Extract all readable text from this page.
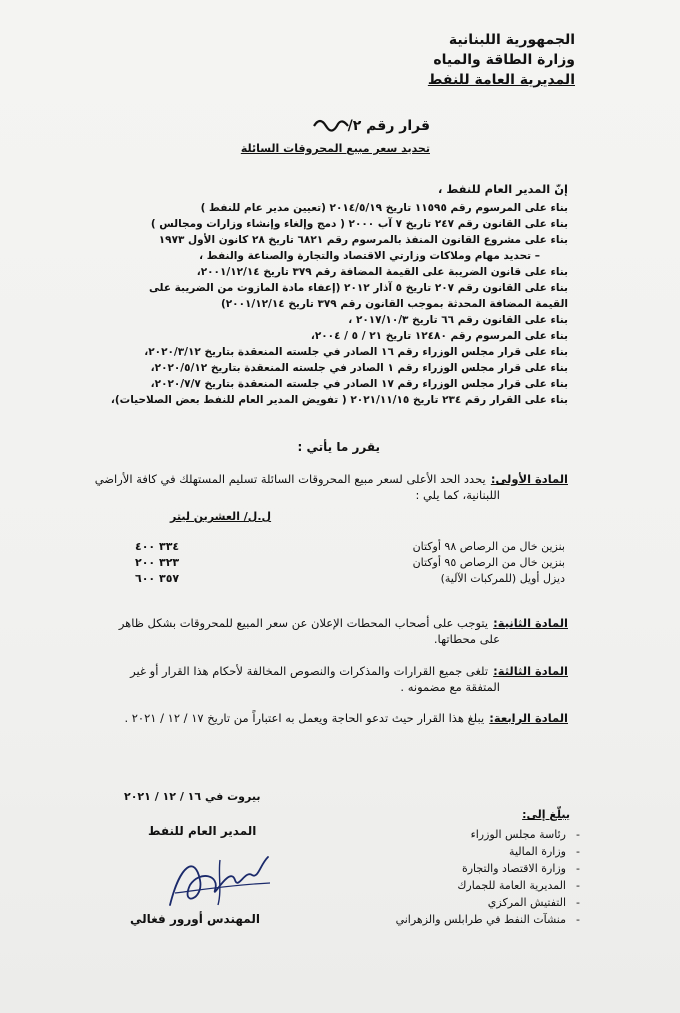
الجمهورية اللبنانية
وزارة الطاقة والمياه
المديرية العامة للنفط
قرار رقم ٢/
تحديد سعر مبيع المحروقات السائلة
إنّ المدير العام للنفط ،
بناء على المرسوم رقم ١١٥٩٥ تاريخ ٢٠١٤/٥/١٩ (تعيين مدير عام للنفط )
بناء على القانون رقم ٢٤٧ تاريخ ٧ آب ٢٠٠٠ ( دمج وإلغاء وإنشاء وزارات ومجالس )
بناء على مشروع القانون المنفذ بالمرسوم رقم ٦٨٢١ تاريخ ٢٨ كانون الأول ١٩٧٣
– تحديد مهام وملاكات وزارتي الاقتصاد والتجارة والصناعة والنفط ،
بناء على قانون الضريبة على القيمة المضافة رقم ٣٧٩ تاريخ ٢٠٠١/١٢/١٤،
بناء على القانون رقم ٢٠٧ تاريخ ٥ آذار ٢٠١٢ (إعفاء مادة المازوت من الضريبة على
القيمة المضافة المحدثة بموجب القانون رقم ٣٧٩ تاريخ ٢٠٠١/١٢/١٤)
بناء على القانون رقم ٦٦ تاريخ ٢٠١٧/١٠/٣ ،
بناء على المرسوم رقم ١٢٤٨٠ تاريخ ٢١ / ٥ / ٢٠٠٤،
بناء على قرار مجلس الوزراء رقم ١٦ الصادر في جلسته المنعقدة بتاريخ ٢٠٢٠/٣/١٢،
بناء على قرار مجلس الوزراء رقم ١ الصادر في جلسته المنعقدة بتاريخ ٢٠٢٠/٥/١٢،
بناء على قرار مجلس الوزراء رقم ١٧ الصادر في جلسته المنعقدة بتاريخ ٢٠٢٠/٧/٧،
بناء على القرار رقم ٢٣٤ تاريخ ٢٠٢١/١١/١٥ ( تفويض المدير العام للنفط بعض الصلاحيات)،
يقرر ما يأتي :
المادة الأولى: يحدد الحد الأعلى لسعر مبيع المحروقات السائلة تسليم المستهلك في كافة الأراضي
اللبنانية، كما يلي :
ل.ل/ العشرين ليتر
بنزين خال من الرصاص ٩٨ أوكتان
٣٣٤ ٤٠٠
بنزين خال من الرصاص ٩٥ أوكتان
٣٢٣ ٢٠٠
ديزل أويل (للمركبات الآلية)
٣٥٧ ٦٠٠
المادة الثانية: يتوجب على أصحاب المحطات الإعلان عن سعر المبيع للمحروقات بشكل ظاهر
على محطاتها.
المادة الثالثة: تلغى جميع القرارات والمذكرات والنصوص المخالفة لأحكام هذا القرار أو غير
المتفقة مع مضمونه .
المادة الرابعة: يبلغ هذا القرار حيث تدعو الحاجة ويعمل به اعتباراً من تاريخ ١٧ / ١٢ / ٢٠٢١ .
بيروت في ١٦ / ١٢ / ٢٠٢١
يبلّغ إلى:
-رئاسة مجلس الوزراء
-وزارة المالية
-وزارة الاقتصاد والتجارة
-المديرية العامة للجمارك
-التفتيش المركزي
-منشآت النفط في طرابلس والزهراني
المدير العام للنفط
المهندس أورور فغالي
